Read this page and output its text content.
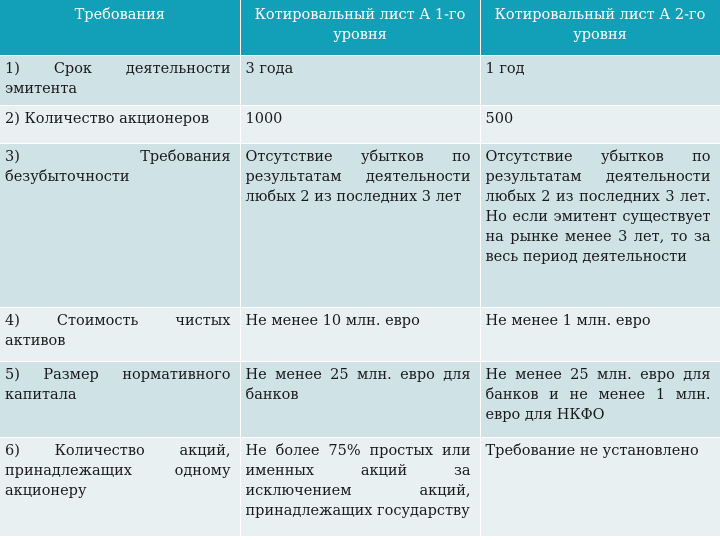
Требования	Котировальный лист А 1-го уровня	Котировальный лист А 2-го уровня
1) Срок деятельности эмитента	3 года	1 год
2) Количество акционеров	1000	500
3) Требования безубыточности	Отсутствие убытков по результатам деятельности любых 2 из последних 3 лет	Отсутствие убытков по результатам деятельности любых 2 из последних 3 лет. Но если эмитент существует на рынке менее 3 лет, то за весь период деятельности
4) Стоимость чистых активов	Не менее 10 млн. евро	Не менее 1 млн. евро
5) Размер нормативного капитала	Не менее 25 млн. евро для банков	Не менее 25 млн. евро для банков и не менее 1 млн. евро для НКФО
6) Количество акций, принадлежащих одному акционеру	Не более 75% простых или именных акций за исключением акций, принадлежащих государству	Требование не установлено
